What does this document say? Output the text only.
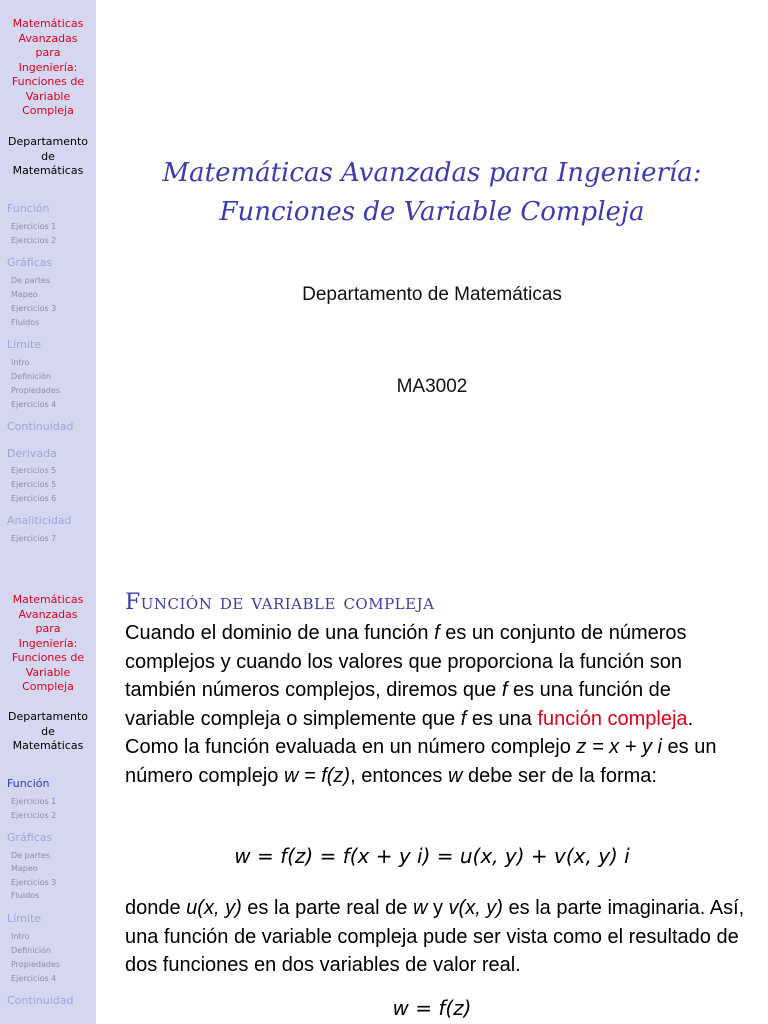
Matemáticas
Avanzadas
para
Ingeniería:
Funciones de
Variable
Compleja
Departamento
de
Matemáticas
Función
Ejercicios 1
Ejercicios 2
Gráficas
De partes
Mapeo
Ejercicios 3
Fluidos
Límite
Intro
Definición
Propiedades
Ejercicios 4
Continuidad
Derivada
Ejercicios 5
Ejercicios 5
Ejercicios 6
Analiticidad
Ejercicios 7
Matemáticas Avanzadas para Ingeniería:
Funciones de Variable Compleja
Departamento de Matemáticas
MA3002
Matemáticas
Avanzadas
para
Ingeniería:
Funciones de
Variable
Compleja
Departamento
de
Matemáticas
Función
Ejercicios 1
Ejercicios 2
Gráficas
De partes
Mapeo
Ejercicios 3
Fluidos
Límite
Intro
Definición
Propiedades
Ejercicios 4
Continuidad
Función de variable compleja
Cuando el dominio de una función f es un conjunto de números complejos y cuando los valores que proporciona la función son también números complejos, diremos que f es una función de variable compleja o simplemente que f es una función compleja. Como la función evaluada en un número complejo z = x + y i es un número complejo w = f(z), entonces w debe ser de la forma:
w = f(z) = f(x + y i) = u(x, y) + v(x, y) i
donde u(x, y) es la parte real de w y v(x, y) es la parte imaginaria. Así, una función de variable compleja pude ser vista como el resultado de dos funciones en dos variables de valor real.
w = f(z)
